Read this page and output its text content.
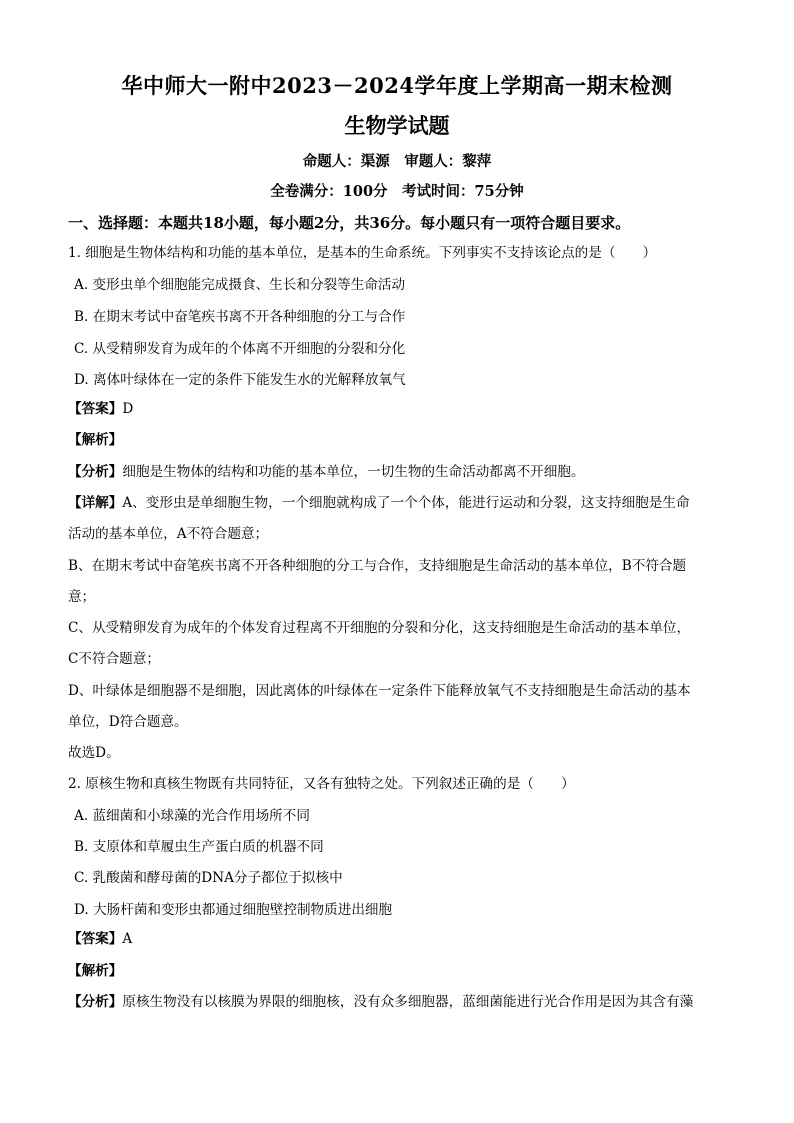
华中师大一附中2023－2024学年度上学期高一期末检测
生物学试题
命题人：渠源　审题人：黎萍
全卷满分：100分　考试时间：75分钟
一、选择题：本题共18小题，每小题2分，共36分。每小题只有一项符合题目要求。
1. 细胞是生物体结构和功能的基本单位，是基本的生命系统。下列事实不支持该论点的是（　　）
A. 变形虫单个细胞能完成摄食、生长和分裂等生命活动
B. 在期末考试中奋笔疾书离不开各种细胞的分工与合作
C. 从受精卵发育为成年的个体离不开细胞的分裂和分化
D. 离体叶绿体在一定的条件下能发生水的光解释放氧气
【答案】D
【解析】
【分析】细胞是生物体的结构和功能的基本单位，一切生物的生命活动都离不开细胞。
【详解】A、变形虫是单细胞生物，一个细胞就构成了一个个体，能进行运动和分裂，这支持细胞是生命
活动的基本单位，A不符合题意；
B、在期末考试中奋笔疾书离不开各种细胞的分工与合作，支持细胞是生命活动的基本单位，B不符合题
意；
C、从受精卵发育为成年的个体发育过程离不开细胞的分裂和分化，这支持细胞是生命活动的基本单位，
C不符合题意；
D、叶绿体是细胞器不是细胞，因此离体的叶绿体在一定条件下能释放氧气不支持细胞是生命活动的基本
单位，D符合题意。
故选D。
2. 原核生物和真核生物既有共同特征，又各有独特之处。下列叙述正确的是（　　）
A. 蓝细菌和小球藻的光合作用场所不同
B. 支原体和草履虫生产蛋白质的机器不同
C. 乳酸菌和酵母菌的DNA分子都位于拟核中
D. 大肠杆菌和变形虫都通过细胞壁控制物质进出细胞
【答案】A
【解析】
【分析】原核生物没有以核膜为界限的细胞核，没有众多细胞器，蓝细菌能进行光合作用是因为其含有藻
